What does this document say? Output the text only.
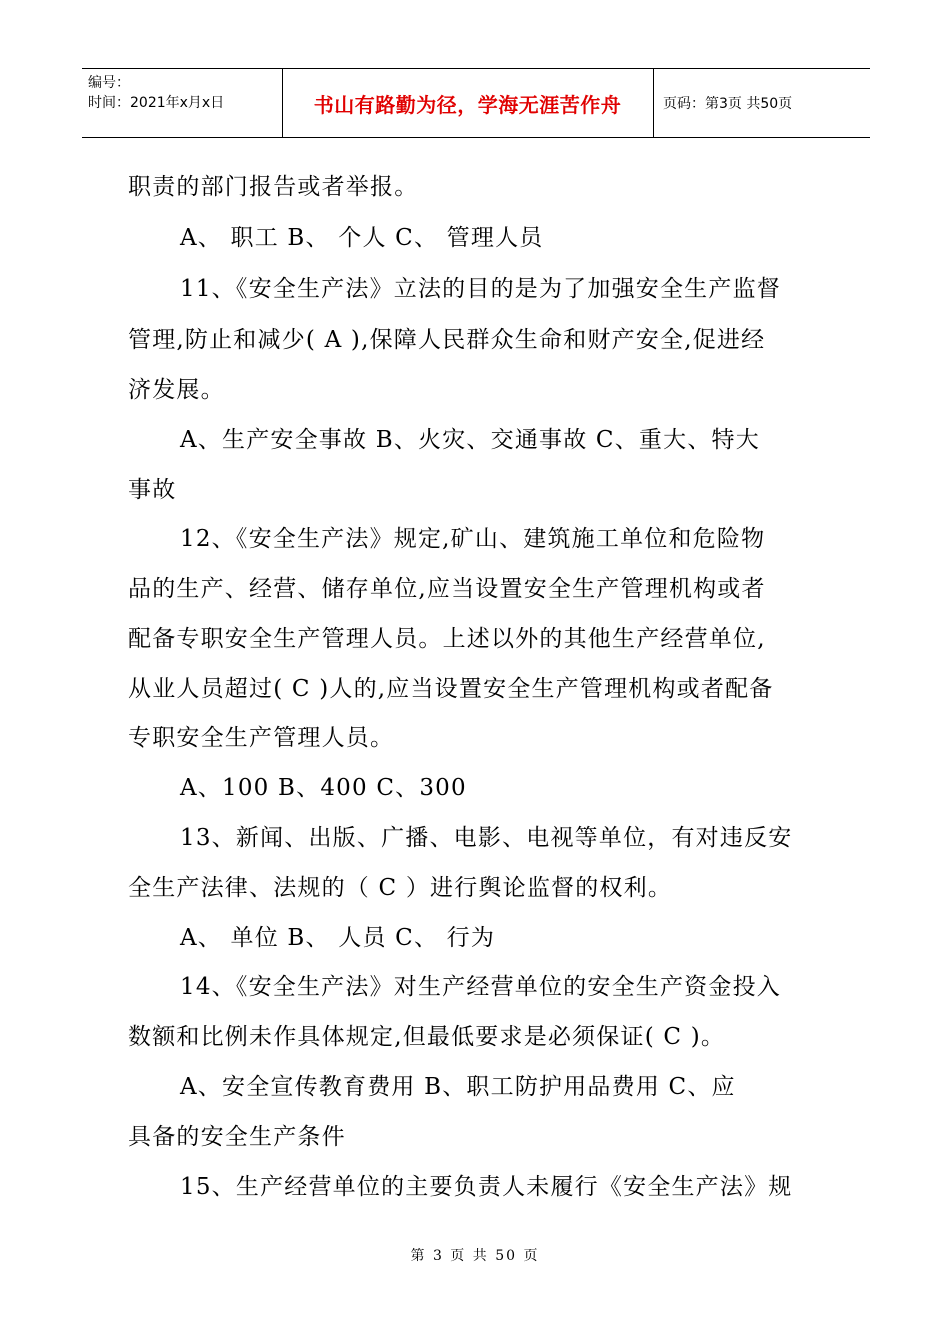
编号：
时间：2021年x月x日	书山有路勤为径，学海无涯苦作舟	页码：第3页 共50页
职责的部门报告或者举报。
A、 职工 B、 个人 C、 管理人员
11、《安全生产法》立法的目的是为了加强安全生产监督
管理,防止和减少( A ),保障人民群众生命和财产安全,促进经
济发展。
A、生产安全事故 B、火灾、交通事故 C、重大、特大
事故
12、《安全生产法》规定,矿山、建筑施工单位和危险物
品的生产、经营、储存单位,应当设置安全生产管理机构或者
配备专职安全生产管理人员。上述以外的其他生产经营单位,
从业人员超过( C )人的,应当设置安全生产管理机构或者配备
专职安全生产管理人员。
A、100 B、400 C、300
13、新闻、出版、广播、电影、电视等单位，有对违反安
全生产法律、法规的（ C ）进行舆论监督的权利。
A、 单位 B、 人员 C、 行为
14、《安全生产法》对生产经营单位的安全生产资金投入
数额和比例未作具体规定,但最低要求是必须保证( C )。
A、安全宣传教育费用 B、职工防护用品费用 C、应
具备的安全生产条件
15、生产经营单位的主要负责人未履行《安全生产法》规
第 3 页 共 50 页
